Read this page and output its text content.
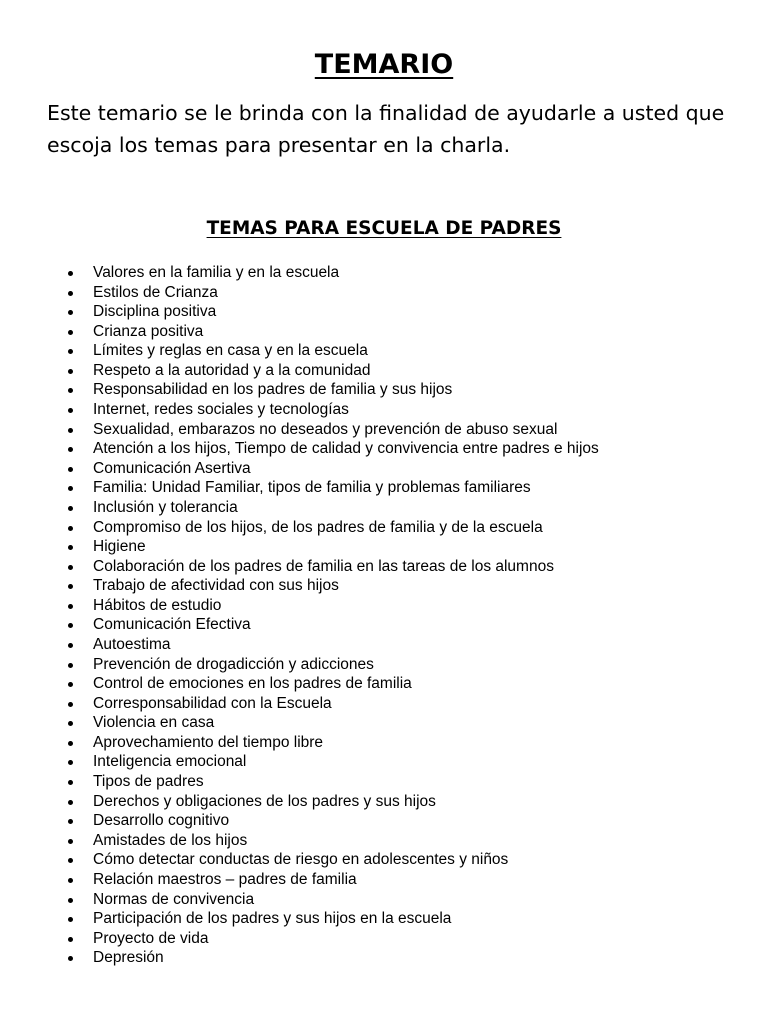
TEMARIO

Este temario se le brinda con la finalidad de ayudarle a usted que escoja los temas para presentar en la charla.

TEMAS PARA ESCUELA DE PADRES
Valores en la familia y en la escuela
Estilos de Crianza
Disciplina positiva
Crianza positiva
Límites y reglas en casa y en la escuela
Respeto a la autoridad y a la comunidad
Responsabilidad en los padres de familia y sus hijos
Internet, redes sociales y tecnologías
Sexualidad, embarazos no deseados y prevención de abuso sexual
Atención a los hijos, Tiempo de calidad y convivencia entre padres e hijos
Comunicación Asertiva
Familia: Unidad Familiar, tipos de familia y problemas familiares
Inclusión y tolerancia
Compromiso de los hijos, de los padres de familia y de la escuela
Higiene
Colaboración de los padres de familia en las tareas de los alumnos
Trabajo de afectividad con sus hijos
Hábitos de estudio
Comunicación Efectiva
Autoestima
Prevención de drogadicción y adicciones
Control de emociones en los padres de familia
Corresponsabilidad con la Escuela
Violencia en casa
Aprovechamiento del tiempo libre
Inteligencia emocional
Tipos de padres
Derechos y obligaciones de los padres y sus hijos
Desarrollo cognitivo
Amistades de los hijos
Cómo detectar conductas de riesgo en adolescentes y niños
Relación maestros – padres de familia
Normas de convivencia
Participación de los padres y sus hijos en la escuela
Proyecto de vida
Depresión
